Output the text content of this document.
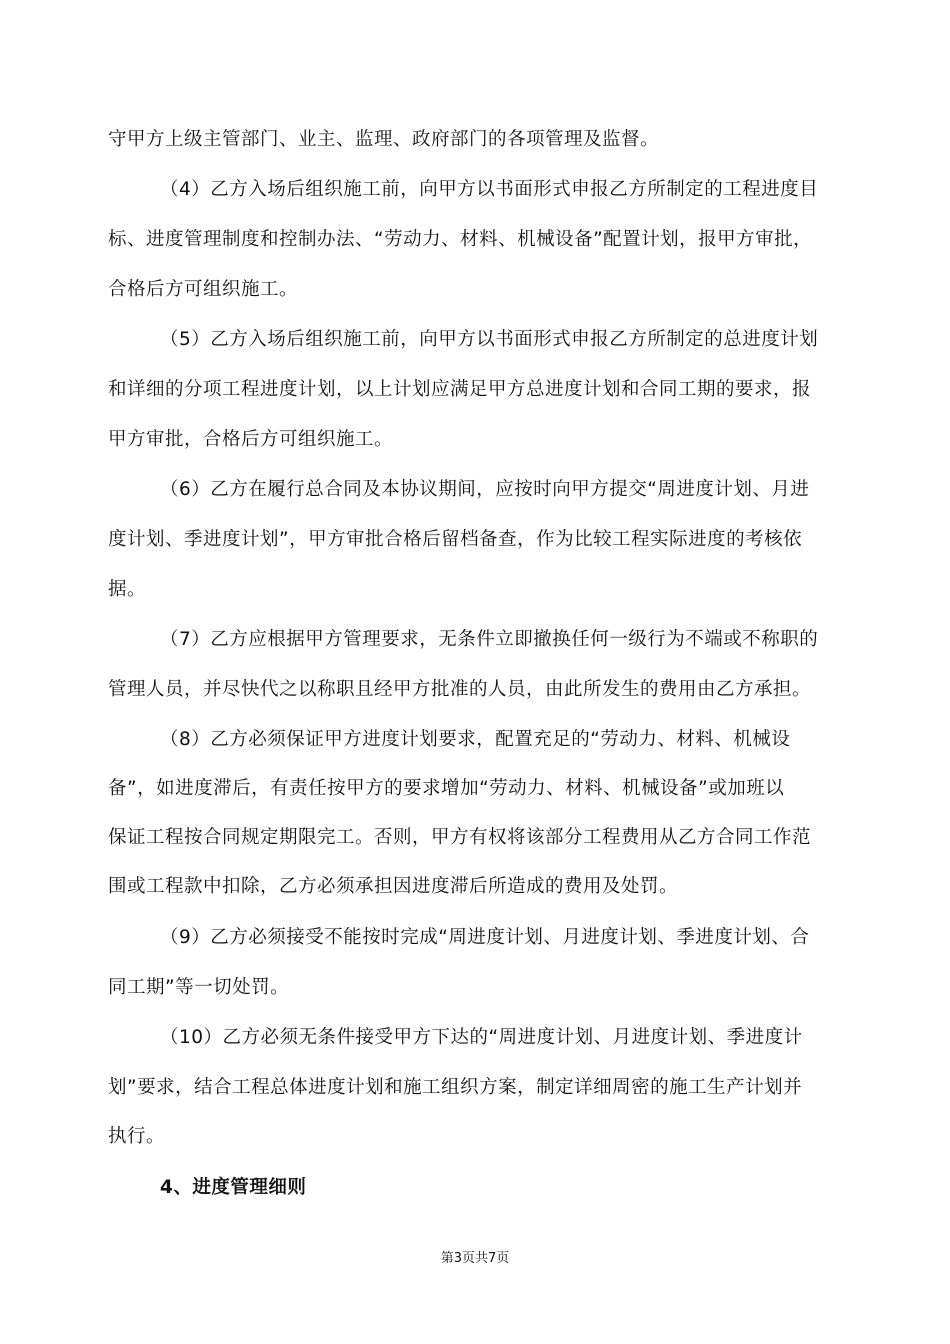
守甲方上级主管部门、业主、监理、政府部门的各项管理及监督。
（4）乙方入场后组织施工前，向甲方以书面形式申报乙方所制定的工程进度目
标、进度管理制度和控制办法、“劳动力、材料、机械设备”配置计划，报甲方审批，
合格后方可组织施工。
（5）乙方入场后组织施工前，向甲方以书面形式申报乙方所制定的总进度计划
和详细的分项工程进度计划，以上计划应满足甲方总进度计划和合同工期的要求，报
甲方审批，合格后方可组织施工。
（6）乙方在履行总合同及本协议期间，应按时向甲方提交“周进度计划、月进
度计划、季进度计划”，甲方审批合格后留档备查，作为比较工程实际进度的考核依
据。
（7）乙方应根据甲方管理要求，无条件立即撤换任何一级行为不端或不称职的
管理人员，并尽快代之以称职且经甲方批准的人员，由此所发生的费用由乙方承担。
（8）乙方必须保证甲方进度计划要求，配置充足的“劳动力、材料、机械设
备”，如进度滞后，有责任按甲方的要求增加“劳动力、材料、机械设备”或加班以
保证工程按合同规定期限完工。否则，甲方有权将该部分工程费用从乙方合同工作范
围或工程款中扣除，乙方必须承担因进度滞后所造成的费用及处罚。
（9）乙方必须接受不能按时完成“周进度计划、月进度计划、季进度计划、合
同工期”等一切处罚。
（10）乙方必须无条件接受甲方下达的“周进度计划、月进度计划、季进度计
划”要求，结合工程总体进度计划和施工组织方案，制定详细周密的施工生产计划并
执行。
4、进度管理细则
第3页共7页
